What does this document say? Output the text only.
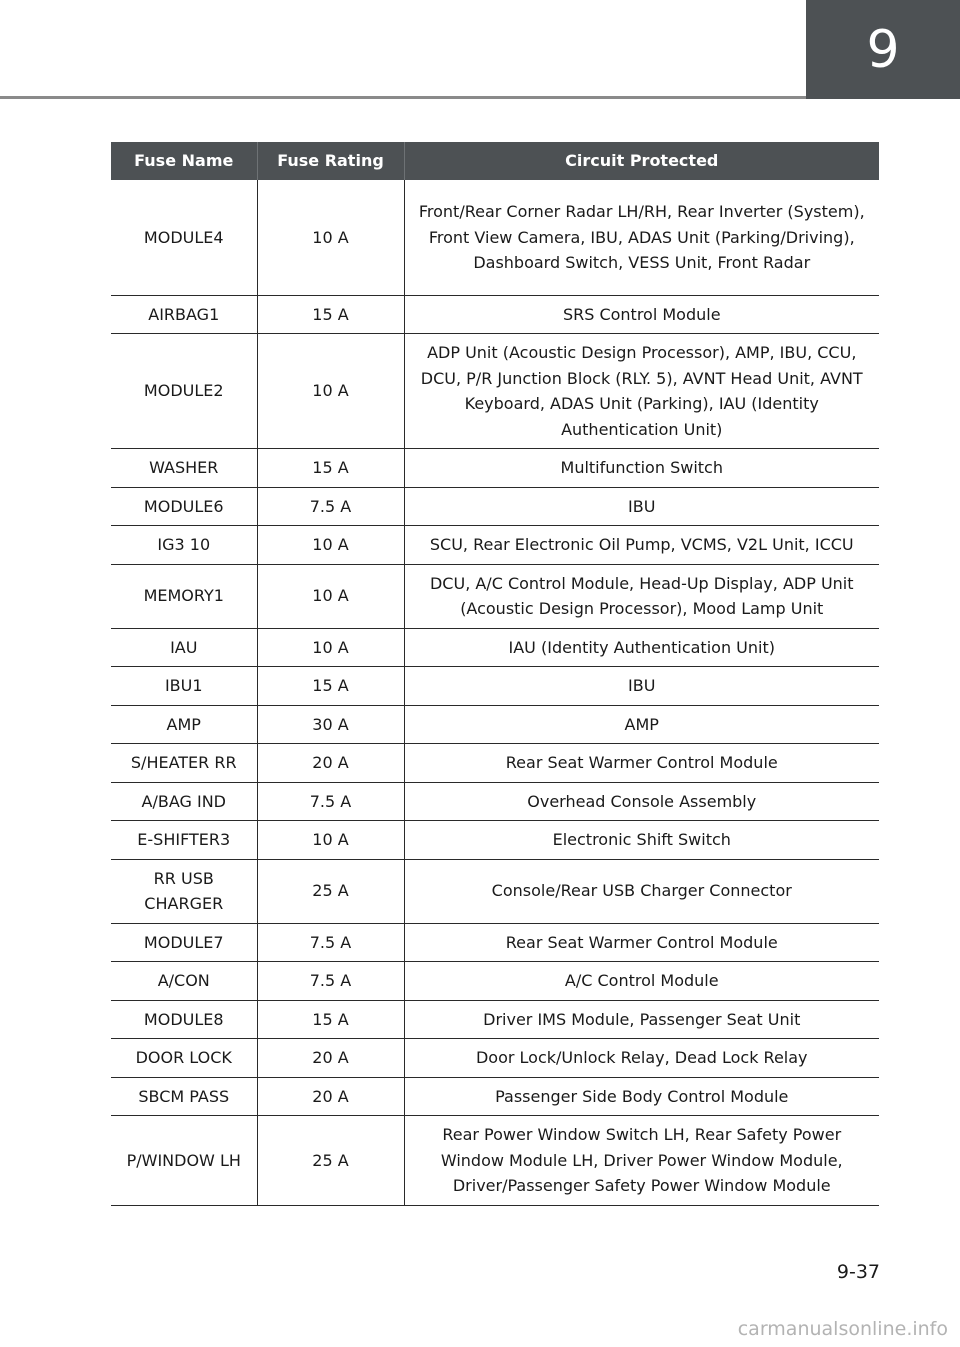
9
Fuse Name	Fuse Rating	Circuit Protected
MODULE4	10 A	Front/Rear Corner Radar LH/RH, Rear Inverter (System), Front View Camera, IBU, ADAS Unit (Parking/Driving), Dashboard Switch, VESS Unit, Front Radar
AIRBAG1	15 A	SRS Control Module
MODULE2	10 A	ADP Unit (Acoustic Design Processor), AMP, IBU, CCU, DCU, P/R Junction Block (RLY. 5), AVNT Head Unit, AVNT Keyboard, ADAS Unit (Parking), IAU (Identity Authentication Unit)
WASHER	15 A	Multifunction Switch
MODULE6	7.5 A	IBU
IG3 10	10 A	SCU, Rear Electronic Oil Pump, VCMS, V2L Unit, ICCU
MEMORY1	10 A	DCU, A/C Control Module, Head-Up Display, ADP Unit (Acoustic Design Processor), Mood Lamp Unit
IAU	10 A	IAU (Identity Authentication Unit)
IBU1	15 A	IBU
AMP	30 A	AMP
S/HEATER RR	20 A	Rear Seat Warmer Control Module
A/BAG IND	7.5 A	Overhead Console Assembly
E-SHIFTER3	10 A	Electronic Shift Switch
RR USB CHARGER	25 A	Console/Rear USB Charger Connector
MODULE7	7.5 A	Rear Seat Warmer Control Module
A/CON	7.5 A	A/C Control Module
MODULE8	15 A	Driver IMS Module, Passenger Seat Unit
DOOR LOCK	20 A	Door Lock/Unlock Relay, Dead Lock Relay
SBCM PASS	20 A	Passenger Side Body Control Module
P/WINDOW LH	25 A	Rear Power Window Switch LH, Rear Safety Power Window Module LH, Driver Power Window Module, Driver/Passenger Safety Power Window Module
9-37
carmanualsonline.info
